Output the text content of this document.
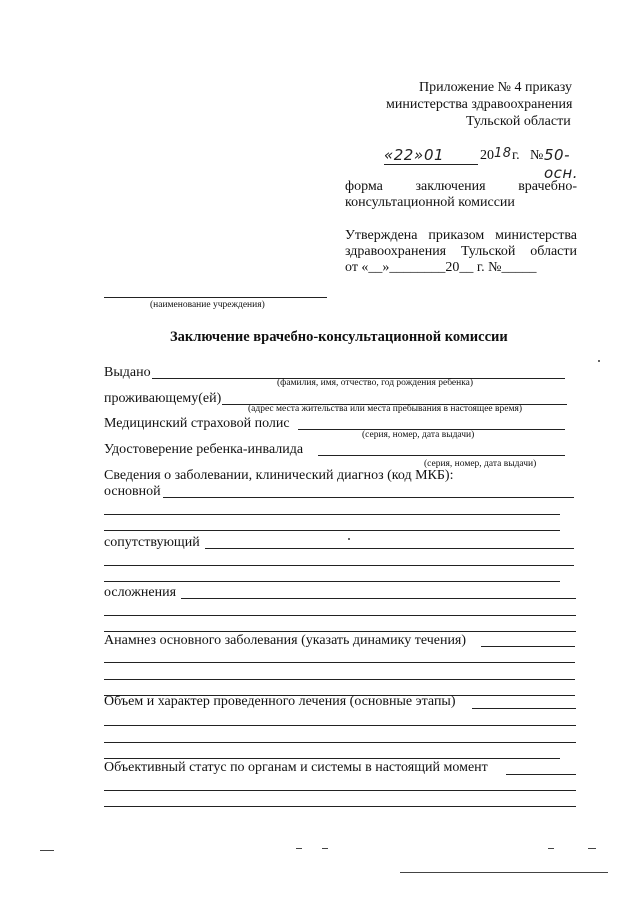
Приложение № 4 приказу
министерства здравоохранения
Тульской области
«22» 01	20 18 г. № 50-осн.
форма заключения врачебно-
консультационной комиссии
Утверждена приказом министерства
здравоохранения Тульской области
от «__»________20__ г. №_____
(наименование учреждения)
Заключение врачебно-консультационной комиссии
Выдано
(фамилия, имя, отчество, год рождения ребенка)
проживающему(ей)
(адрес места жительства или места пребывания в настоящее время)
Медицинский страховой полис
(серия, номер, дата выдачи)
Удостоверение ребенка-инвалида
(серия, номер, дата выдачи)
Сведения о заболевании, клинический диагноз (код МКБ):
основной
сопутствующий
осложнения
Анамнез основного заболевания (указать динамику течения)
Объем и характер проведенного лечения (основные этапы)
Объективный статус по органам и системы в настоящий момент
